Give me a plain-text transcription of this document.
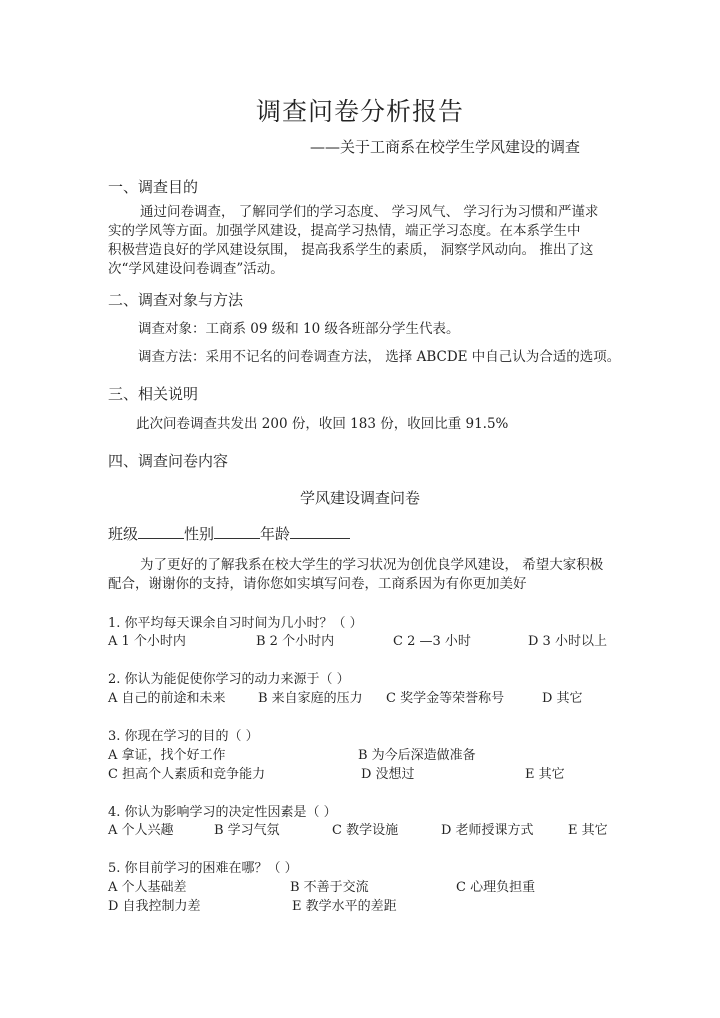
调查问卷分析报告
——关于工商系在校学生学风建设的调查
一、调查目的
通过问卷调查， 了解同学们的学习态度、 学习风气、 学习行为习惯和严谨求
实的学风等方面。加强学风建设，提高学习热情，端正学习态度。在本系学生中
积极营造良好的学风建设氛围， 提高我系学生的素质， 洞察学风动向。 推出了这
次“学风建设问卷调查”活动。
二、调查对象与方法
调查对象：工商系 09 级和 10 级各班部分学生代表。
调查方法：采用不记名的问卷调查方法， 选择 ABCDE 中自己认为合适的选项。
三、相关说明
此次问卷调查共发出 200 份，收回 183 份，收回比重 91.5%
四、调查问卷内容
学风建设调查问卷
班级	性别	年龄
为了更好的了解我系在校大学生的学习状况为创优良学风建设， 希望大家积极
配合，谢谢你的支持，请你您如实填写问卷，工商系因为有你更加美好
1. 你平均每天课余自习时间为几小时？（ ）
A 1 个小时内	B 2 个小时内	C 2 —3 小时	D 3 小时以上
2. 你认为能促使你学习的动力来源于（ ）
A 自己的前途和未来 B 来自家庭的压力 C 奖学金等荣誉称号	D 其它
3. 你现在学习的目的（ ）
A 拿证，找个好工作	B 为今后深造做准备
C 担高个人素质和竞争能力	D 没想过	E 其它
4. 你认为影响学习的决定性因素是（ ）
A 个人兴趣	B 学习气氛	C 教学设施	D 老师授课方式	E 其它
5. 你目前学习的困难在哪？（ ）
A 个人基础差	B 不善于交流	C 心理负担重
D 自我控制力差	E 教学水平的差距
